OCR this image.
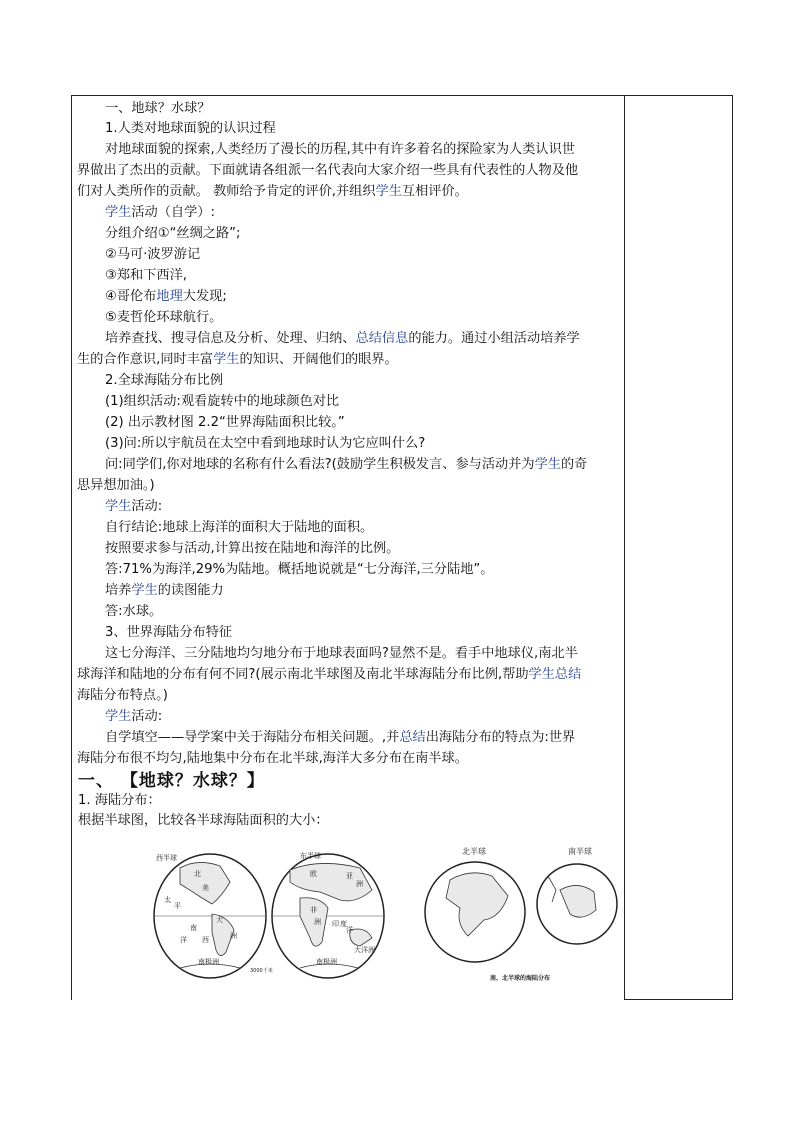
一、地球？水球？
1.人类对地球面貌的认识过程
对地球面貌的探索,人类经历了漫长的历程,其中有许多着名的探险家为人类认识世
界做出了杰出的贡献。下面就请各组派一名代表向大家介绍一些具有代表性的人物及他
们对人类所作的贡献。 教师给予肯定的评价,并组织学生互相评价。
学生活动（自学）:
分组介绍①“丝绸之路”;
②马可·波罗游记
③郑和下西洋,
④哥伦布地理大发现;
⑤麦哲伦环球航行。
培养查找、搜寻信息及分析、处理、归纳、总结信息的能力。通过小组活动培养学
生的合作意识,同时丰富学生的知识、开阔他们的眼界。
2.全球海陆分布比例
(1)组织活动:观看旋转中的地球颜色对比
(2) 出示教材图 2.2“世界海陆面积比较。”
(3)问:所以宇航员在太空中看到地球时认为它应叫什么?
问:同学们,你对地球的名称有什么看法?(鼓励学生积极发言、参与活动并为学生的奇
思异想加油。)
学生活动:
自行结论:地球上海洋的面积大于陆地的面积。
按照要求参与活动,计算出按在陆地和海洋的比例。
答:71%为海洋,29%为陆地。概括地说就是“七分海洋,三分陆地”。
培养学生的读图能力
答:水球。
3、世界海陆分布特征
这七分海洋、三分陆地均匀地分布于地球表面吗?显然不是。看手中地球仪,南北半
球海洋和陆地的分布有何不同?(展示南北半球图及南北半球海陆分布比例,帮助学生总结
海陆分布特点。)
学生活动:
自学填空——导学案中关于海陆分布相关问题。,并总结出海陆分布的特点为:世界
海陆分布很不均匀,陆地集中分布在北半球,海洋大多分布在南半球。
一、 【地球？水球？】
1. 海陆分布：
根据半球图，比较各半球海陆面积的大小：
西半球
北
美
太
平
大
南
洋 西	洲
南极洲
东半球
欧	亚
洲
非
洲 印 度
洋
大洋洲
南极洲
3000千米
北半球	南半球
南、北半球的海陆分布
